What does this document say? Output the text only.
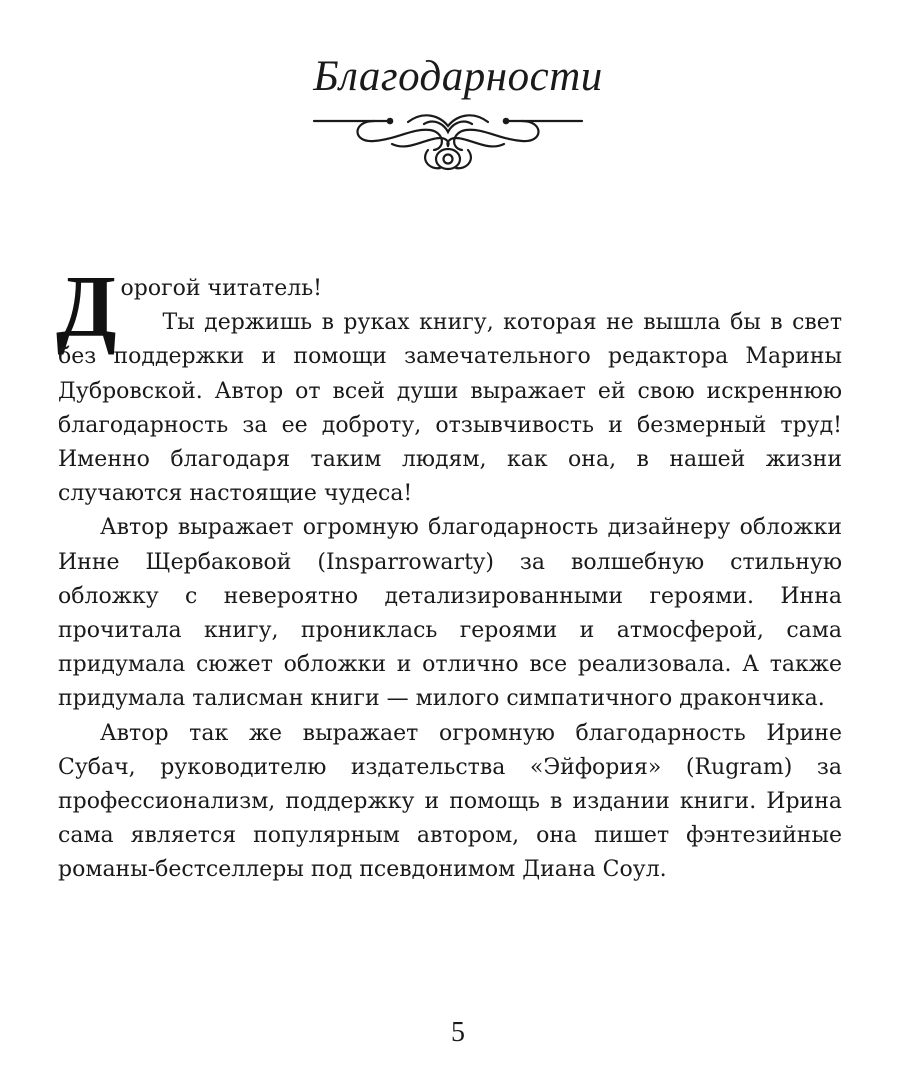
Благодарности
Д орогой читатель!
Ты держишь в руках книгу, которая не вышла бы в свет без поддержки и помощи замечательного редактора Марины Дубровской. Автор от всей души выражает ей свою искреннюю благодарность за ее доброту, отзывчивость и безмерный труд! Именно благодаря таким людям, как она, в нашей жизни случаются настоящие чудеса!

Автор выражает огромную благодарность дизайнеру обложки Инне Щербаковой (Insparrowarty) за волшебную стильную обложку с невероятно детализированными героями. Инна прочитала книгу, прониклась героями и атмосферой, сама придумала сюжет обложки и отлично все реализовала. А также придумала талисман книги — милого симпатичного дракончика.

Автор так же выражает огромную благодарность Ирине Субач, руководителю издательства «Эйфория» (Rugram) за профессионализм, поддержку и помощь в издании книги. Ирина сама является популярным автором, она пишет фэнтезийные романы-бестселлеры под псевдонимом Диана Соул.

5
